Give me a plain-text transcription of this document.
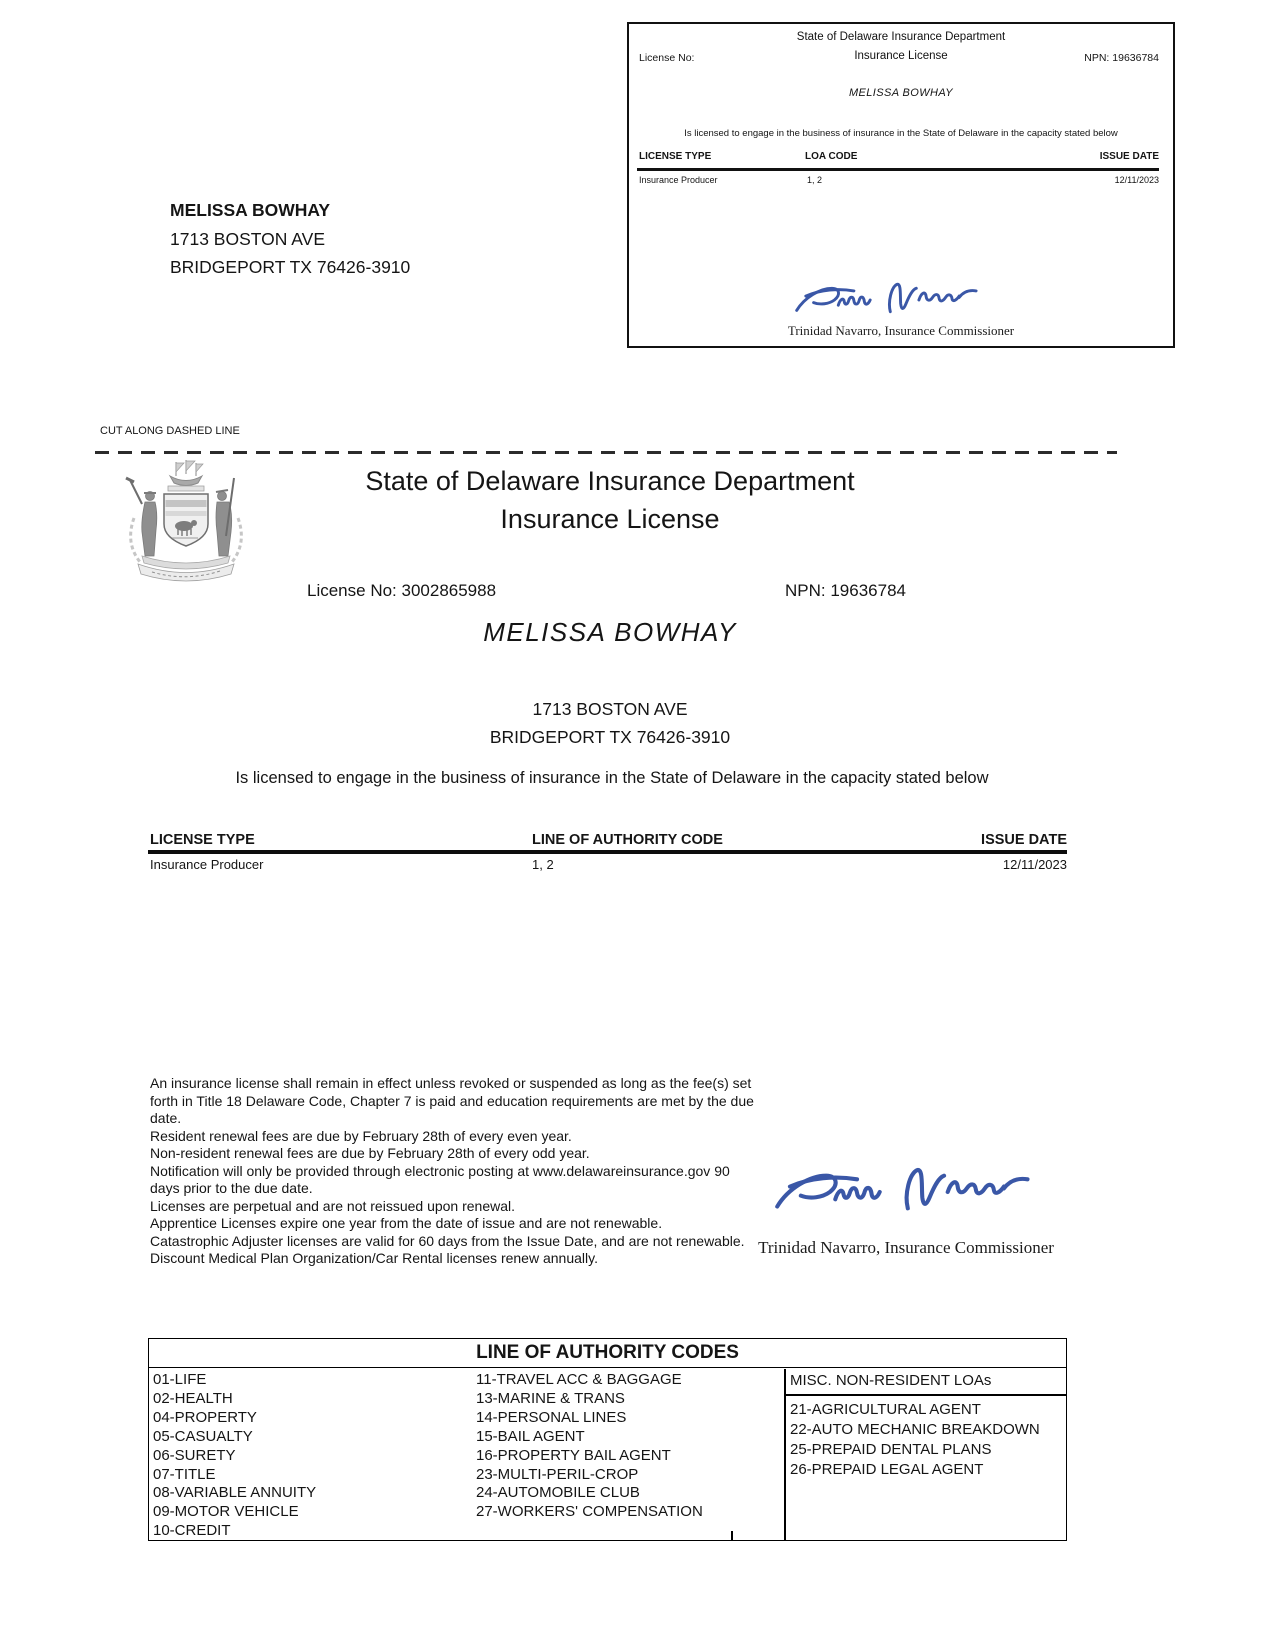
State of Delaware Insurance Department
License No:	Insurance License	NPN: 19636784
MELISSA BOWHAY
Is licensed to engage in the business of insurance in the State of Delaware in the capacity stated below
LICENSE TYPE	LOA CODE	ISSUE DATE
Insurance Producer	1, 2	12/11/2023
Trinidad Navarro, Insurance Commissioner
MELISSA BOWHAY
1713 BOSTON AVE
BRIDGEPORT TX 76426-3910
CUT ALONG DASHED LINE
State of Delaware Insurance Department
Insurance License
License No: 3002865988	NPN: 19636784
MELISSA BOWHAY
1713 BOSTON AVE
BRIDGEPORT TX 76426-3910
Is licensed to engage in the business of insurance in the State of Delaware in the capacity stated below
LICENSE TYPE	LINE OF AUTHORITY CODE	ISSUE DATE
Insurance Producer	1, 2	12/11/2023
An insurance license shall remain in effect unless revoked or suspended as long as the fee(s) set forth in Title 18 Delaware Code, Chapter 7 is paid and education requirements are met by the due date.
Resident renewal fees are due by February 28th of every even year.
Non-resident renewal fees are due by February 28th of every odd year.
Notification will only be provided through electronic posting at www.delawareinsurance.gov 90 days prior to the due date.
Licenses are perpetual and are not reissued upon renewal.
Apprentice Licenses expire one year from the date of issue and are not renewable.
Catastrophic Adjuster licenses are valid for 60 days from the Issue Date, and are not renewable.
Discount Medical Plan Organization/Car Rental licenses renew annually.
Trinidad Navarro, Insurance Commissioner
LINE OF AUTHORITY CODES
01-LIFE
02-HEALTH
04-PROPERTY
05-CASUALTY
06-SURETY
07-TITLE
08-VARIABLE ANNUITY
09-MOTOR VEHICLE
10-CREDIT
11-TRAVEL ACC & BAGGAGE
13-MARINE & TRANS
14-PERSONAL LINES
15-BAIL AGENT
16-PROPERTY BAIL AGENT
23-MULTI-PERIL-CROP
24-AUTOMOBILE CLUB
27-WORKERS' COMPENSATION
MISC. NON-RESIDENT LOAs
21-AGRICULTURAL AGENT
22-AUTO MECHANIC BREAKDOWN
25-PREPAID DENTAL PLANS
26-PREPAID LEGAL AGENT
